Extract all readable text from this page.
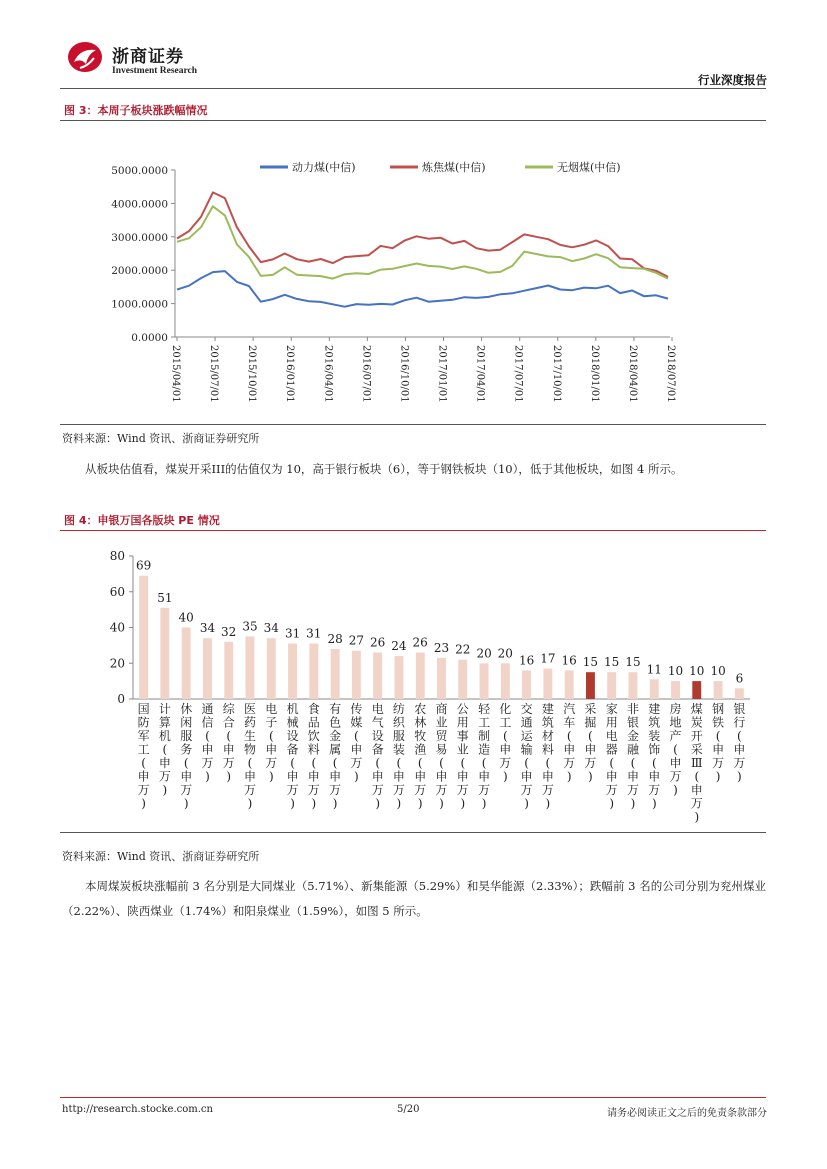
浙商证券
Investment Research
行业深度报告
图 3：本周子板块涨跌幅情况
5000.0000
4000.0000
3000.0000
2000.0000
1000.0000
0.0000
2015/04/01	2015/07/01	2015/10/01	2016/01/01	2016/04/01	2016/07/01	2016/10/01	2017/01/01	2017/04/01	2017/07/01	2017/10/01	2018/01/01	2018/04/01	2018/07/01
动力煤(中信)	炼焦煤(中信)	无烟煤(中信)
资料来源：Wind 资讯、浙商证券研究所
从板块估值看，煤炭开采III的估值仅为 10，高于银行板块（6），等于钢铁板块（10），低于其他板块，如图 4 所示。
图 4：申银万国各版块 PE 情况
80
60
40
20
0
69
国防军工(申万)
51
计算机(申万)
40
休闲服务(申万)
34
通信(申万)
32
综合(申万)
35
医药生物(申万)
34
电子(申万)
31
机械设备(申万)
31
食品饮料(申万)
28
有色金属(申万)
27
传媒(申万)
26
电气设备(申万)
24
纺织服装(申万)
26
农林牧渔(申万)
23
商业贸易(申万)
22
公用事业(申万)
20
轻工制造(申万)
20
化工(申万)
16
交通运输(申万)
17
建筑材料(申万)
16
汽车(申万)
15
采掘(申万)
15
家用电器(申万)
15
非银金融(申万)
11
建筑装饰(申万)
10
房地产(申万)
10
煤炭开采 Ⅲ (申万)
10
钢铁(申万)
6
银行(申万)
资料来源：Wind 资讯、浙商证券研究所
本周煤炭板块涨幅前 3 名分别是大同煤业（5.71%）、新集能源（5.29%）和昊华能源（2.33%）；跌幅前 3 名的公司分别为兖州煤业（2.22%）、陕西煤业（1.74%）和阳泉煤业（1.59%），如图 5 所示。
http://research.stocke.com.cn	5/20	请务必阅读正文之后的免责条款部分
